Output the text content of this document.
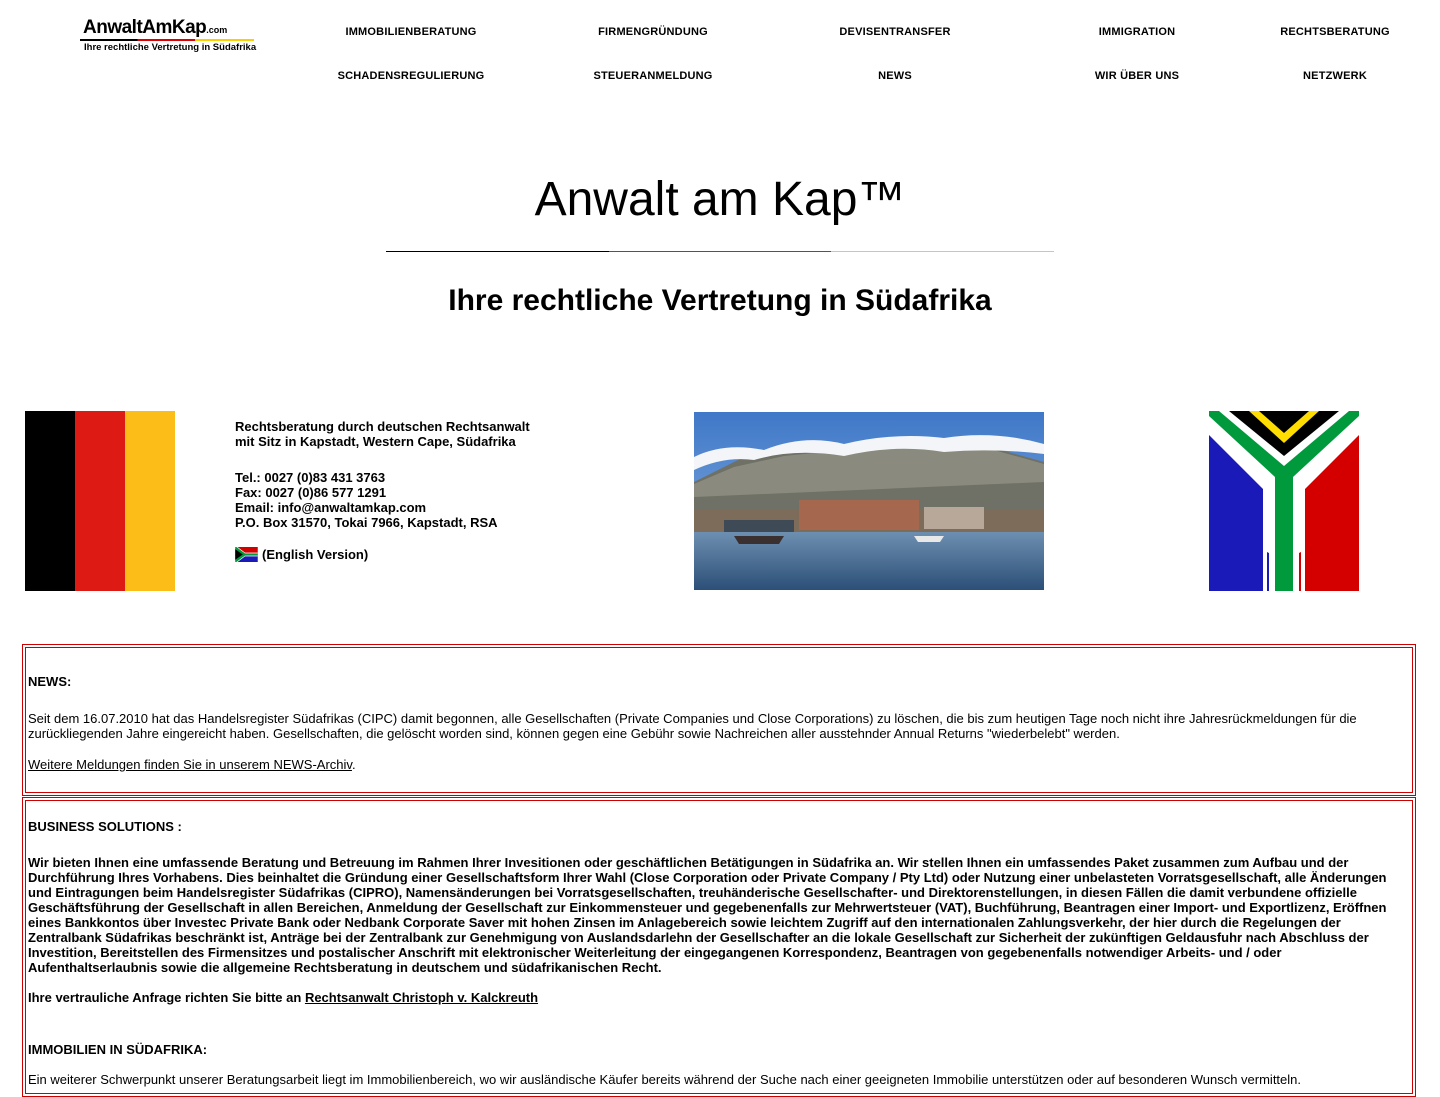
AnwaltAmKap.com
Ihre rechtliche Vertretung in Südafrika
IMMOBILIENBERATUNG	FIRMENGRÜNDUNG	DEVISENTRANSFER	IMMIGRATION	RECHTSBERATUNG
SCHADENSREGULIERUNG	STEUERANMELDUNG	NEWS	WIR ÜBER UNS	NETZWERK
Anwalt am Kap™
Ihre rechtliche Vertretung in Südafrika

Rechtsberatung durch deutschen Rechtsanwalt

mit Sitz in Kapstadt, Western Cape, Südafrika

Tel.: 0027 (0)83 431 3763

Fax: 0027 (0)86 577 1291

Email: info@anwaltamkap.com

P.O. Box 31570, Tokai 7966, Kapstadt, RSA

(English Version)

NEWS:

Seit dem 16.07.2010 hat das Handelsregister Südafrikas (CIPC) damit begonnen, alle Gesellschaften (Private Companies und Close Corporations) zu löschen, die bis zum heutigen Tage noch nicht ihre Jahresrückmeldungen für die zurückliegenden Jahre eingereicht haben. Gesellschaften, die gelöscht worden sind, können gegen eine Gebühr sowie Nachreichen aller ausstehnder Annual Returns "wiederbelebt" werden.

Weitere Meldungen finden Sie in unserem NEWS-Archiv.

BUSINESS SOLUTIONS :

Wir bieten Ihnen eine umfassende Beratung und Betreuung im Rahmen Ihrer Invesitionen oder geschäftlichen Betätigungen in Südafrika an. Wir stellen Ihnen ein umfassendes Paket zusammen zum Aufbau und der Durchführung Ihres Vorhabens. Dies beinhaltet die Gründung einer Gesellschaftsform Ihrer Wahl (Close Corporation oder Private Company / Pty Ltd) oder Nutzung einer unbelasteten Vorratsgesellschaft, alle Änderungen und Eintragungen beim Handelsregister Südafrikas (CIPRO), Namensänderungen bei Vorratsgesellschaften, treuhänderische Gesellschafter- und Direktorenstellungen, in diesen Fällen die damit verbundene offizielle Geschäftsführung der Gesellschaft in allen Bereichen, Anmeldung der Gesellschaft zur Einkommensteuer und gegebenenfalls zur Mehrwertsteuer (VAT), Buchführung, Beantragen einer Import- und Exportlizenz, Eröffnen eines Bankkontos über Investec Private Bank oder Nedbank Corporate Saver mit hohen Zinsen im Anlagebereich sowie leichtem Zugriff auf den internationalen Zahlungsverkehr, der hier durch die Regelungen der Zentralbank Südafrikas beschränkt ist, Anträge bei der Zentralbank zur Genehmigung von Auslandsdarlehn der Gesellschafter an die lokale Gesellschaft zur Sicherheit der zukünftigen Geldausfuhr nach Abschluss der Investition, Bereitstellen des Firmensitzes und postalischer Anschrift mit elektronischer Weiterleitung der eingegangenen Korrespondenz, Beantragen von gegebenenfalls notwendiger Arbeits- und / oder Aufenthaltserlaubnis sowie die allgemeine Rechtsberatung in deutschem und südafrikanischen Recht.

Ihre vertrauliche Anfrage richten Sie bitte an Rechtsanwalt Christoph v. Kalckreuth

IMMOBILIEN IN SÜDAFRIKA:

Ein weiterer Schwerpunkt unserer Beratungsarbeit liegt im Immobilienbereich, wo wir ausländische Käufer bereits während der Suche nach einer geeigneten Immobilie unterstützen oder auf besonderen Wunsch vermitteln.
